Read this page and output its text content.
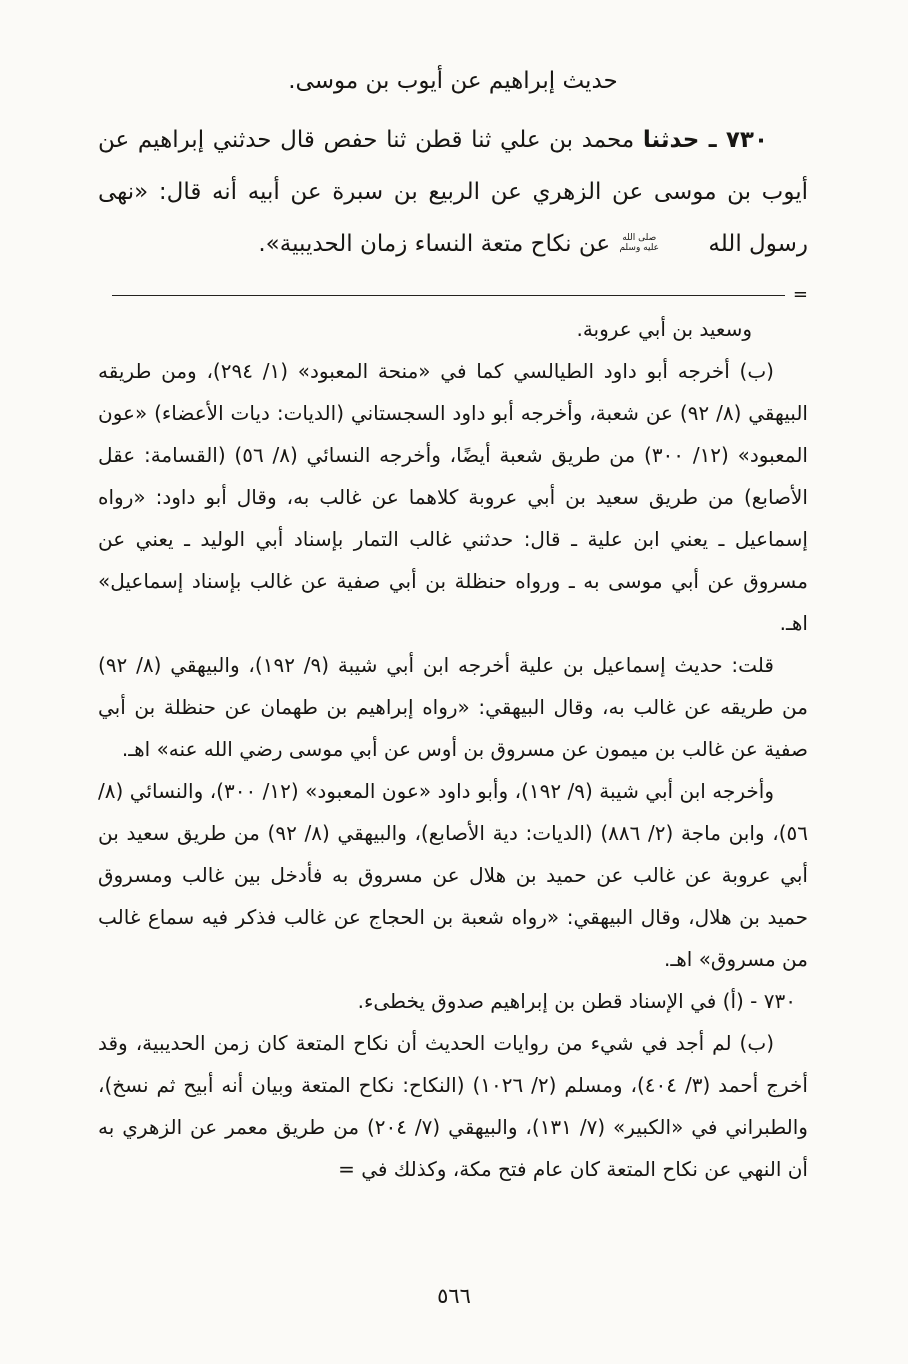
حديث إبراهيم عن أيوب بن موسى.

٧٣٠ ـ حدثنا محمد بن علي ثنا قطن ثنا حفص قال حدثني إبراهيم عن أيوب بن موسى عن الزهري عن الربيع بن سبرة عن أبيه أنه قال: «نهى رسول الله
صلى الله
عليه وسلم
عن نكاح متعة النساء زمان الحديبية».

=

وسعيد بن أبي عروبة.

(ب) أخرجه أبو داود الطيالسي كما في «منحة المعبود» (١/ ٢٩٤)، ومن طريقه البيهقي (٨/ ٩٢) عن شعبة، وأخرجه أبو داود السجستاني (الديات: ديات الأعضاء) «عون المعبود» (١٢/ ٣٠٠) من طريق شعبة أيضًا، وأخرجه النسائي (٨/ ٥٦) (القسامة: عقل الأصابع) من طريق سعيد بن أبي عروبة كلاهما عن غالب به، وقال أبو داود: «رواه إسماعيل ـ يعني ابن علية ـ قال: حدثني غالب التمار بإسناد أبي الوليد ـ يعني عن مسروق عن أبي موسى به ـ ورواه حنظلة بن أبي صفية عن غالب بإسناد إسماعيل» اهـ.

قلت: حديث إسماعيل بن علية أخرجه ابن أبي شيبة (٩/ ١٩٢)، والبيهقي (٨/ ٩٢) من طريقه عن غالب به، وقال البيهقي: «رواه إبراهيم بن طهمان عن حنظلة بن أبي صفية عن غالب بن ميمون عن مسروق بن أوس عن أبي موسى رضي الله عنه» اهـ.

وأخرجه ابن أبي شيبة (٩/ ١٩٢)، وأبو داود «عون المعبود» (١٢/ ٣٠٠)، والنسائي (٨/ ٥٦)، وابن ماجة (٢/ ٨٨٦) (الديات: دية الأصابع)، والبيهقي (٨/ ٩٢) من طريق سعيد بن أبي عروبة عن غالب عن حميد بن هلال عن مسروق به فأدخل بين غالب ومسروق حميد بن هلال، وقال البيهقي: «رواه شعبة بن الحجاج عن غالب فذكر فيه سماع غالب من مسروق» اهـ.

٧٣٠ - (أ) في الإسناد قطن بن إبراهيم صدوق يخطىء.

(ب) لم أجد في شيء من روايات الحديث أن نكاح المتعة كان زمن الحديبية، وقد أخرج أحمد (٣/ ٤٠٤)، ومسلم (٢/ ١٠٢٦) (النكاح: نكاح المتعة وبيان أنه أبيح ثم نسخ)، والطبراني في «الكبير» (٧/ ١٣١)، والبيهقي (٧/ ٢٠٤) من طريق معمر عن الزهري به أن النهي عن نكاح المتعة كان عام فتح مكة، وكذلك في =

٥٦٦
